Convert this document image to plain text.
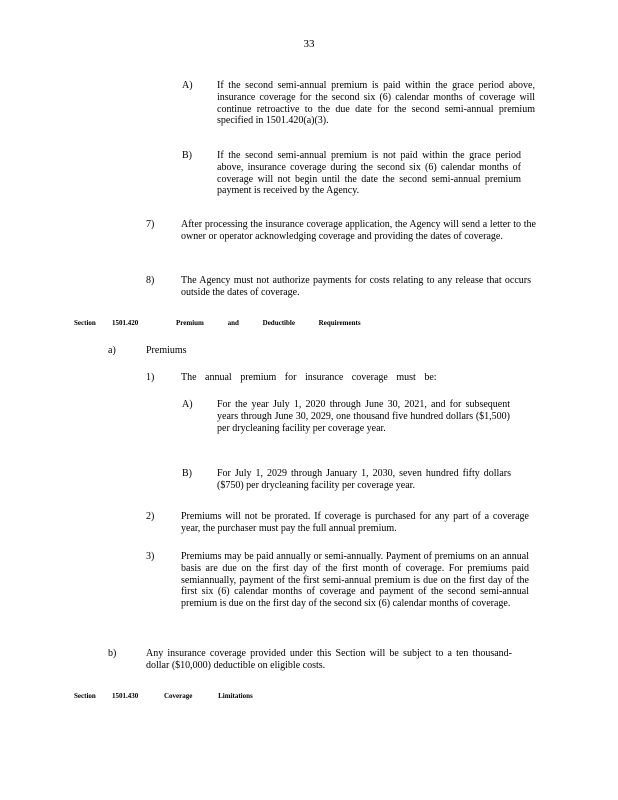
33
A) If the second semi-annual premium is paid within the grace period above, insurance coverage for the second six (6) calendar months of coverage will continue retroactive to the due date for the second semi-annual premium specified in 1501.420(a)(3).
B)	If the second semi-annual premium is not paid within the grace period above, insurance coverage during the second six (6) calendar months of coverage will not begin until the date the second semi-annual premium payment is received by the Agency.
7)	After processing the insurance coverage application, the Agency will send a letter to the owner or operator acknowledging coverage and providing the dates of coverage.
8)	The Agency must not authorize payments for costs relating to any release that occurs outside the dates of coverage.
Section	1501.420	Premium and Deductible Requirements
a)	Premiums
1)	The annual premium for insurance coverage must be:
A) For the year July 1, 2020 through June 30, 2021, and for subsequent years through June 30, 2029, one thousand five hundred dollars ($1,500) per drycleaning facility per coverage year.
B)	For July 1, 2029 through January 1, 2030, seven hundred fifty dollars ($750) per drycleaning facility per coverage year.
2)	Premiums will not be prorated. If coverage is purchased for any part of a coverage year, the purchaser must pay the full annual premium.
3)	Premiums may be paid annually or semi-annually. Payment of premiums on an annual basis are due on the first day of the first month of coverage. For premiums paid semiannually, payment of the first semi-annual premium is due on the first day of the first six (6) calendar months of coverage and payment of the second semi-annual premium is due on the first day of the second six (6) calendar months of coverage.
b)	Any insurance coverage provided under this Section will be subject to a ten thousand-dollar ($10,000) deductible on eligible costs.
Section	1501.430	Coverage Limitations
